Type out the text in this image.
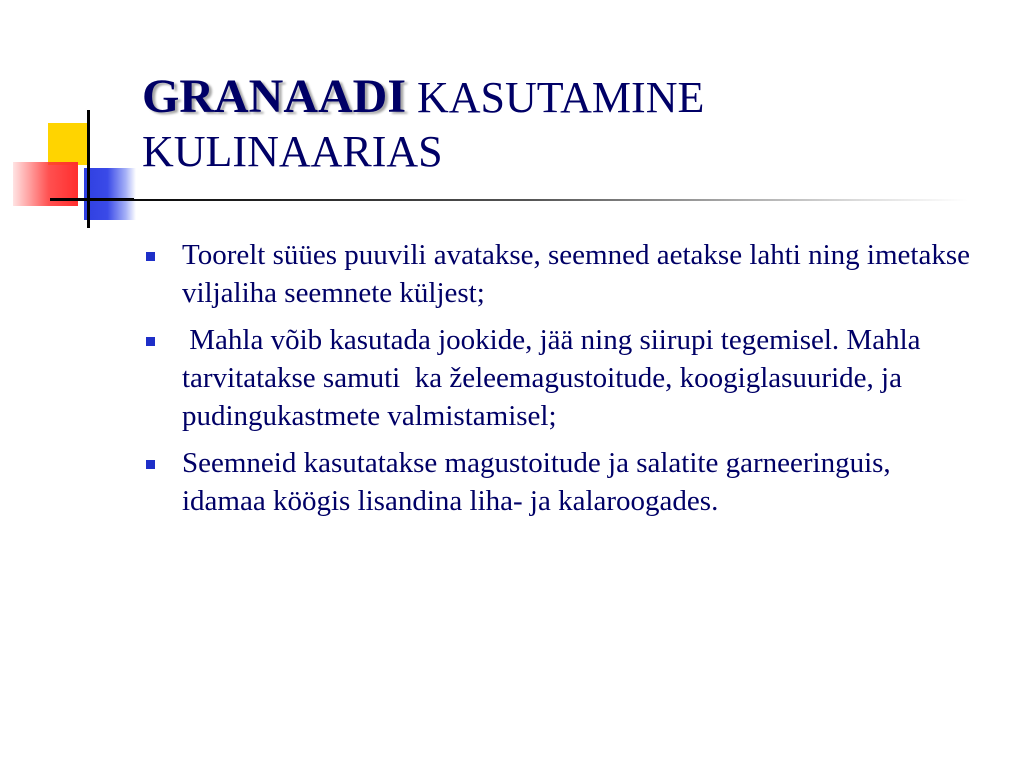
GRANAADI KASUTAMINE KULINAARIAS
Toorelt süües puuvili avatakse, seemned aetakse lahti ning imetakse viljaliha seemnete küljest;
Mahla võib kasutada jookide, jää ning siirupi tegemisel. Mahla tarvitatakse samuti  ka želeemagustoitude, koogiglasuuride, ja pudingukastmete valmistamisel;
Seemneid kasutatakse magustoitude ja salatite garneeringuis, idamaa köögis lisandina liha- ja kalaroogades.
